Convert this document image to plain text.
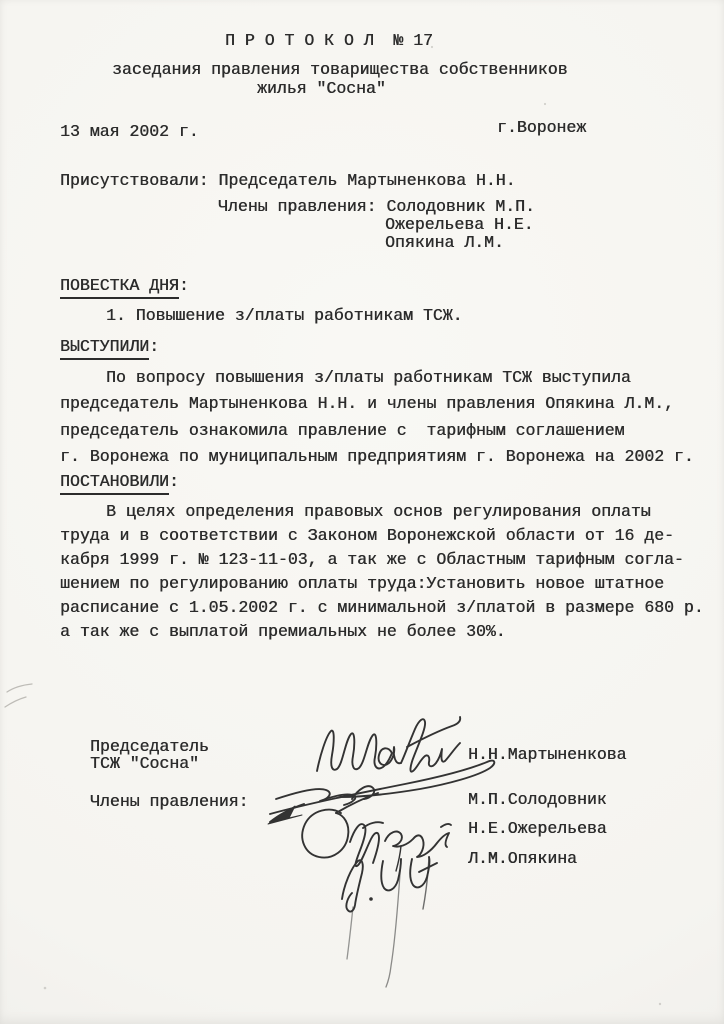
П Р О Т О К О Л  № 17
заседания правления товарищества собственников
жилья "Сосна"
13 мая 2002 г.	г.Воронеж
Присутствовали: Председатель Мартыненкова Н.Н.
Члены правления: Солодовник М.П.
Ожерельева Н.Е.
Опякина Л.М.
ПОВЕСТКА ДНЯ:
1. Повышение з/платы работникам ТСЖ.
ВЫСТУПИЛИ:
По вопросу повышения з/платы работникам ТСЖ выступила
председатель Мартыненкова Н.Н. и члены правления Опякина Л.М.,
председатель ознакомила правление с  тарифным соглашением
г. Воронежа по муниципальным предприятиям г. Воронежа на 2002 г.
ПОСТАНОВИЛИ:
В целях определения правовых основ регулирования оплаты
труда и в соответствии с Законом Воронежской области от 16 де-
кабря 1999 г. № 123-11-03, а так же с Областным тарифным согла-
шением по регулированию оплаты труда:Установить новое штатное
расписание с 1.05.2002 г. с минимальной з/платой в размере 680 р.
а так же с выплатой премиальных не более 30%.
Председатель
ТСЖ "Сосна"
Члены правления:
Н.Н.Мартыненкова
М.П.Солодовник
Н.Е.Ожерельева
Л.М.Опякина
